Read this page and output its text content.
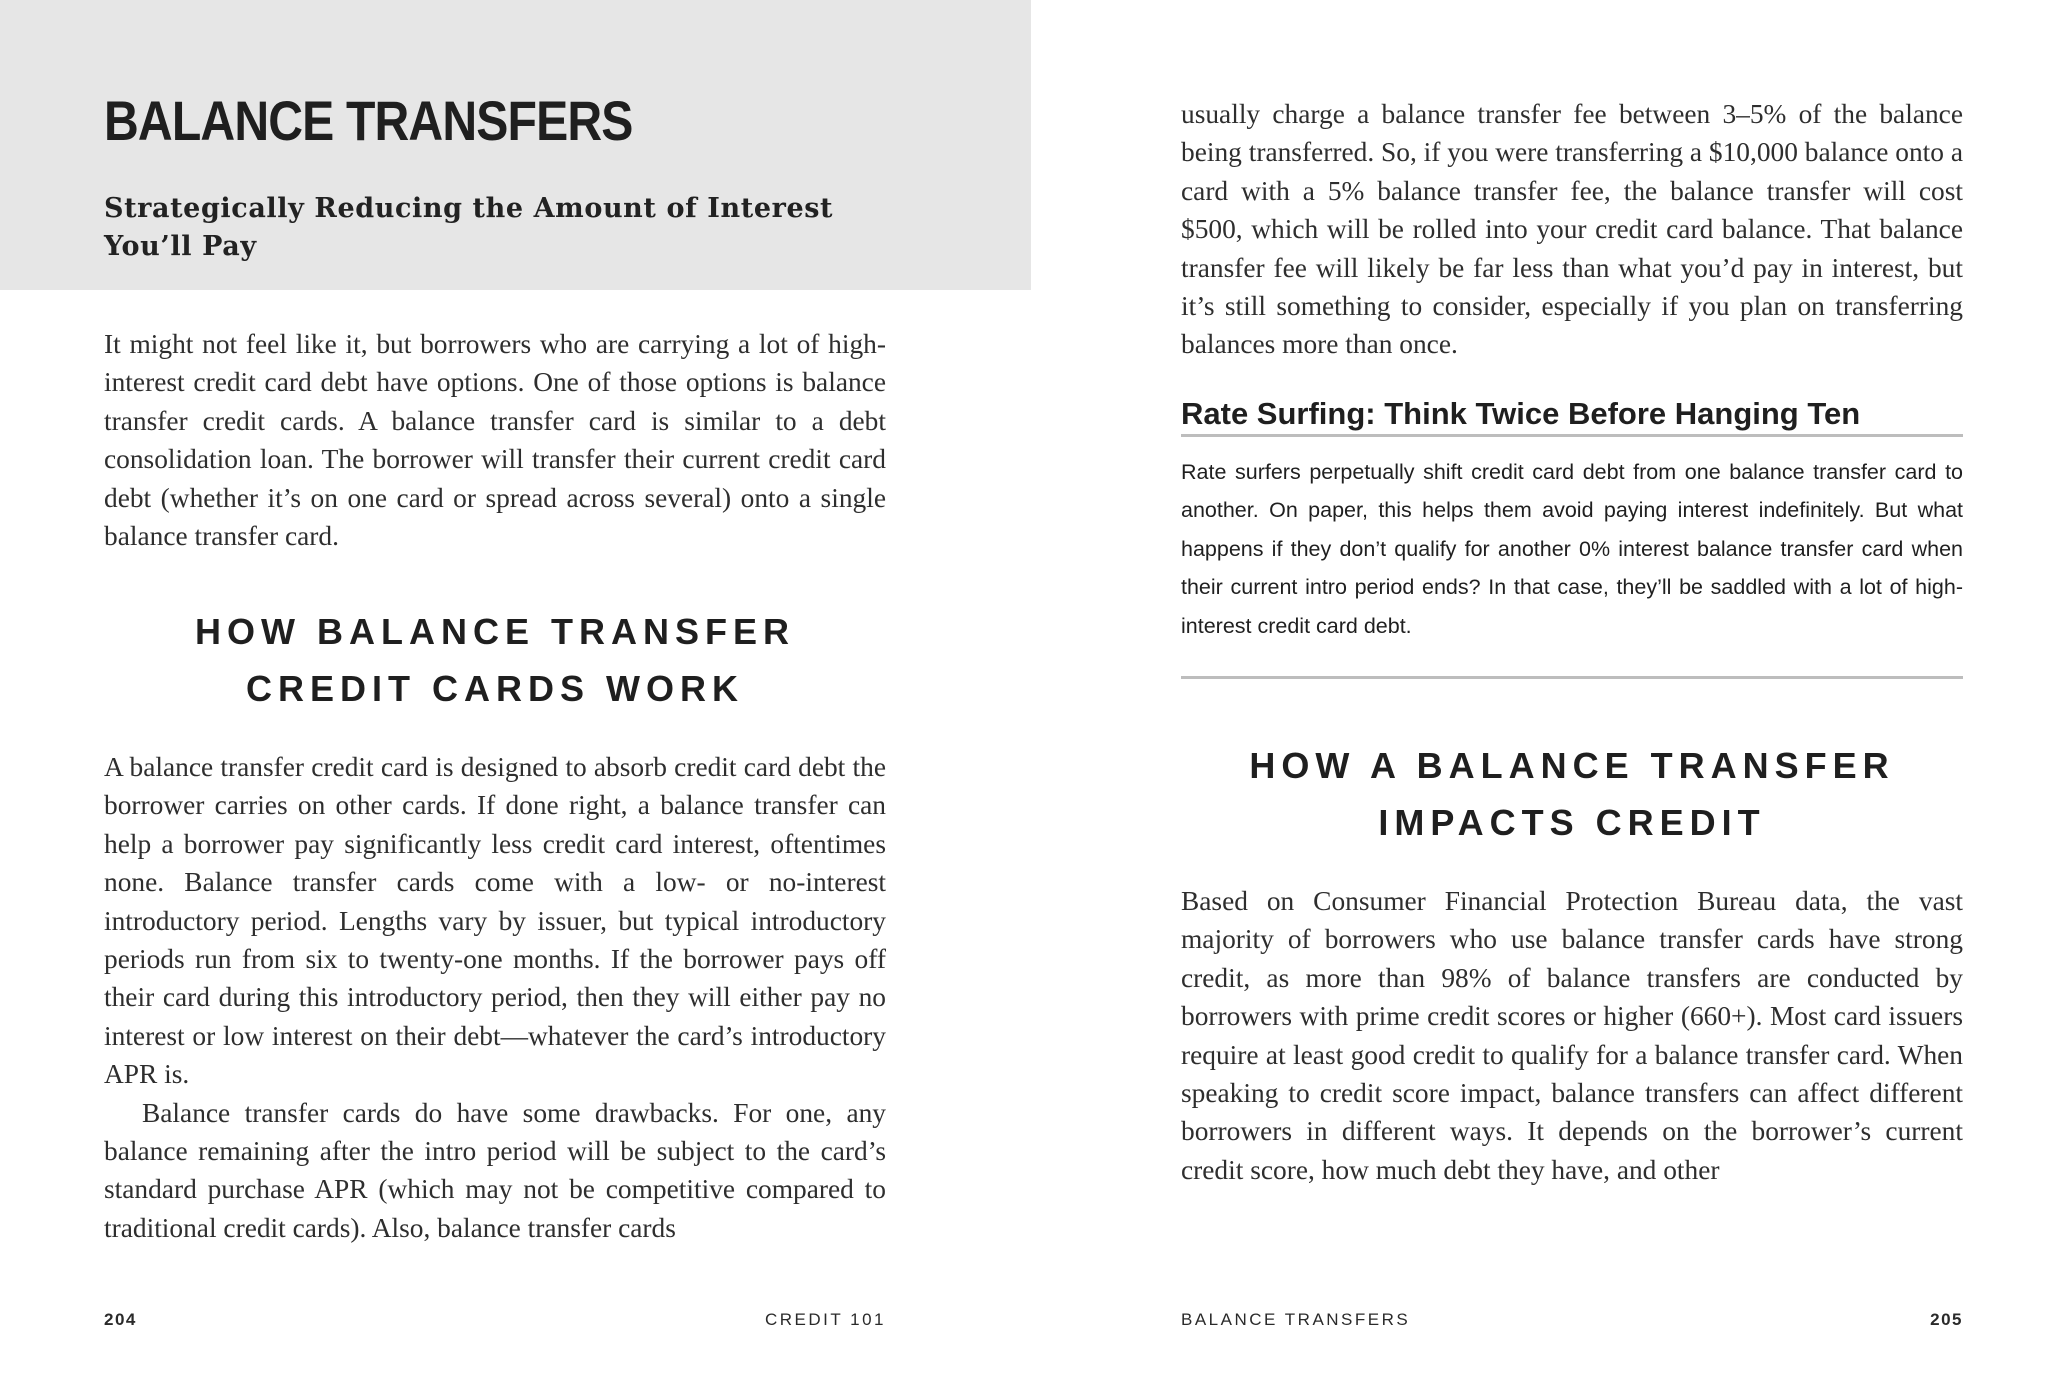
BALANCE TRANSFERS
Strategically Reducing the Amount of Interest You’ll Pay

It might not feel like it, but borrowers who are carrying a lot of high-interest credit card debt have options. One of those options is balance transfer credit cards. A balance transfer card is similar to a debt consolidation loan. The borrower will transfer their current credit card debt (whether it’s on one card or spread across several) onto a single balance transfer card.

HOW BALANCE TRANSFER
CREDIT CARDS WORK

A balance transfer credit card is designed to absorb credit card debt the borrower carries on other cards. If done right, a balance transfer can help a borrower pay significantly less credit card interest, oftentimes none. Balance transfer cards come with a low- or no-interest introductory period. Lengths vary by issuer, but typical introductory periods run from six to twenty-one months. If the borrower pays off their card during this introductory period, then they will either pay no interest or low interest on their debt—whatever the card’s introductory APR is.

Balance transfer cards do have some drawbacks. For one, any balance remaining after the intro period will be subject to the card’s standard purchase APR (which may not be competitive compared to traditional credit cards). Also, balance transfer cards

204	CREDIT 101

usually charge a balance transfer fee between 3–5% of the balance being transferred. So, if you were transferring a $10,000 balance onto a card with a 5% balance transfer fee, the balance transfer will cost $500, which will be rolled into your credit card balance. That balance transfer fee will likely be far less than what you’d pay in interest, but it’s still something to consider, especially if you plan on transferring balances more than once.

Rate Surfing: Think Twice Before Hanging Ten

Rate surfers perpetually shift credit card debt from one balance transfer card to another. On paper, this helps them avoid paying interest indefinitely. But what happens if they don’t qualify for another 0% interest balance transfer card when their current intro period ends? In that case, they’ll be saddled with a lot of high-interest credit card debt.

HOW A BALANCE TRANSFER
IMPACTS CREDIT

Based on Consumer Financial Protection Bureau data, the vast majority of borrowers who use balance transfer cards have strong credit, as more than 98% of balance transfers are conducted by borrowers with prime credit scores or higher (660+). Most card issuers require at least good credit to qualify for a balance transfer card. When speaking to credit score impact, balance transfers can affect different borrowers in different ways. It depends on the borrower’s current credit score, how much debt they have, and other

BALANCE TRANSFERS	205
